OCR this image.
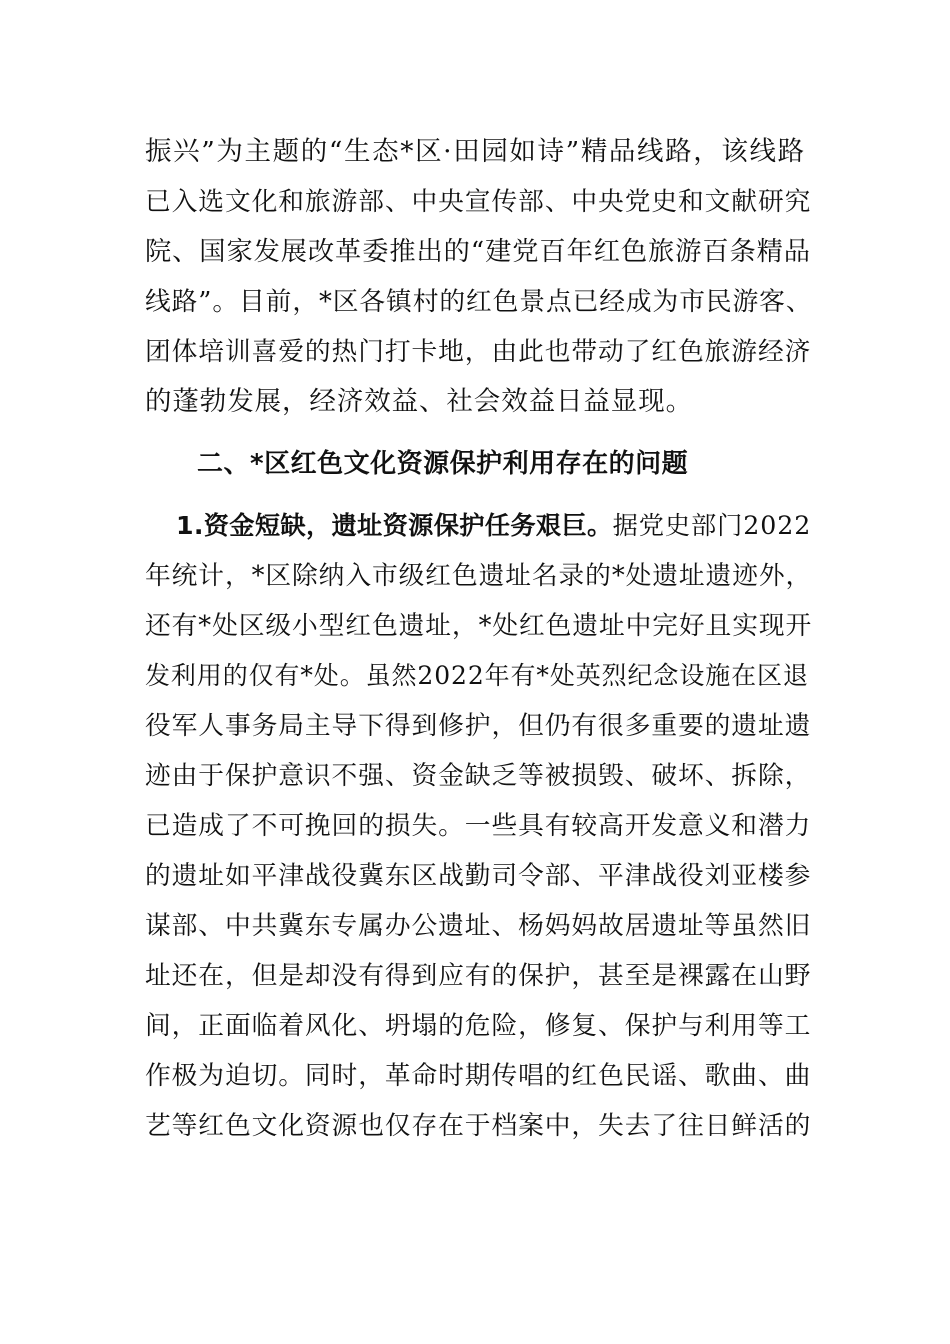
振兴”为主题的“生态*区·田园如诗”精品线路，该线路
已入选文化和旅游部、中央宣传部、中央党史和文献研究
院、国家发展改革委推出的“建党百年红色旅游百条精品
线路”。目前，*区各镇村的红色景点已经成为市民游客、
团体培训喜爱的热门打卡地，由此也带动了红色旅游经济
的蓬勃发展，经济效益、社会效益日益显现。
二、*区红色文化资源保护利用存在的问题
1.资金短缺，遗址资源保护任务艰巨。据党史部门2022
年统计，*区除纳入市级红色遗址名录的*处遗址遗迹外，
还有*处区级小型红色遗址，*处红色遗址中完好且实现开
发利用的仅有*处。虽然2022年有*处英烈纪念设施在区退
役军人事务局主导下得到修护，但仍有很多重要的遗址遗
迹由于保护意识不强、资金缺乏等被损毁、破坏、拆除，
已造成了不可挽回的损失。一些具有较高开发意义和潜力
的遗址如平津战役冀东区战勤司令部、平津战役刘亚楼参
谋部、中共冀东专属办公遗址、杨妈妈故居遗址等虽然旧
址还在，但是却没有得到应有的保护，甚至是裸露在山野
间，正面临着风化、坍塌的危险，修复、保护与利用等工
作极为迫切。同时，革命时期传唱的红色民谣、歌曲、曲
艺等红色文化资源也仅存在于档案中，失去了往日鲜活的
